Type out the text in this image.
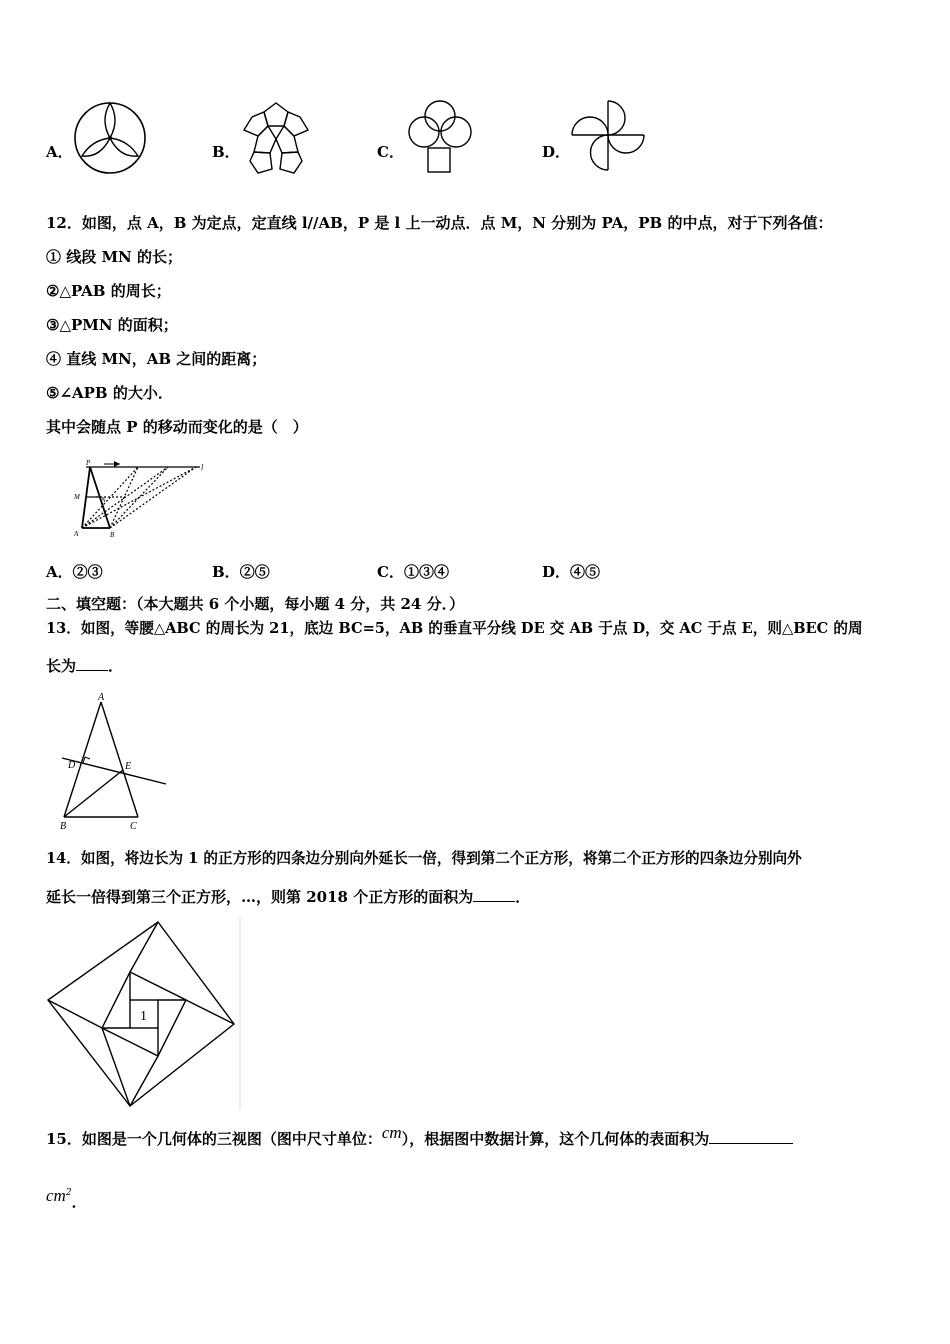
A．	B．	C．	D．
12．如图，点 A，B 为定点，定直线 l//AB，P 是 l 上一动点．点 M，N 分别为 PA，PB 的中点，对于下列各值：
① 线段 MN 的长；
②△PAB 的周长；
③△PMN 的面积；
④ 直线 MN，AB 之间的距离；
⑤∠APB 的大小．
其中会随点 P 的移动而变化的是（　）
P	l
M	N
A	B
A．②③	B．②⑤	C．①③④	D．④⑤
二、填空题：（本大题共 6 个小题，每小题 4 分，共 24 分．）
13．如图，等腰△ABC 的周长为 21，底边 BC=5，AB 的垂直平分线 DE 交 AB 于点 D，交 AC 于点 E，则△BEC 的周
长为 ．
A
D	E
B	C
14．如图，将边长为 1 的正方形的四条边分别向外延长一倍，得到第二个正方形，将第二个正方形的四条边分别向外
延长一倍得到第三个正方形，…，则第 2018 个正方形的面积为	．
1
15．如图是一个几何体的三视图（图中尺寸单位：cm），根据图中数据计算，这个几何体的表面积为
$cm^2$．
